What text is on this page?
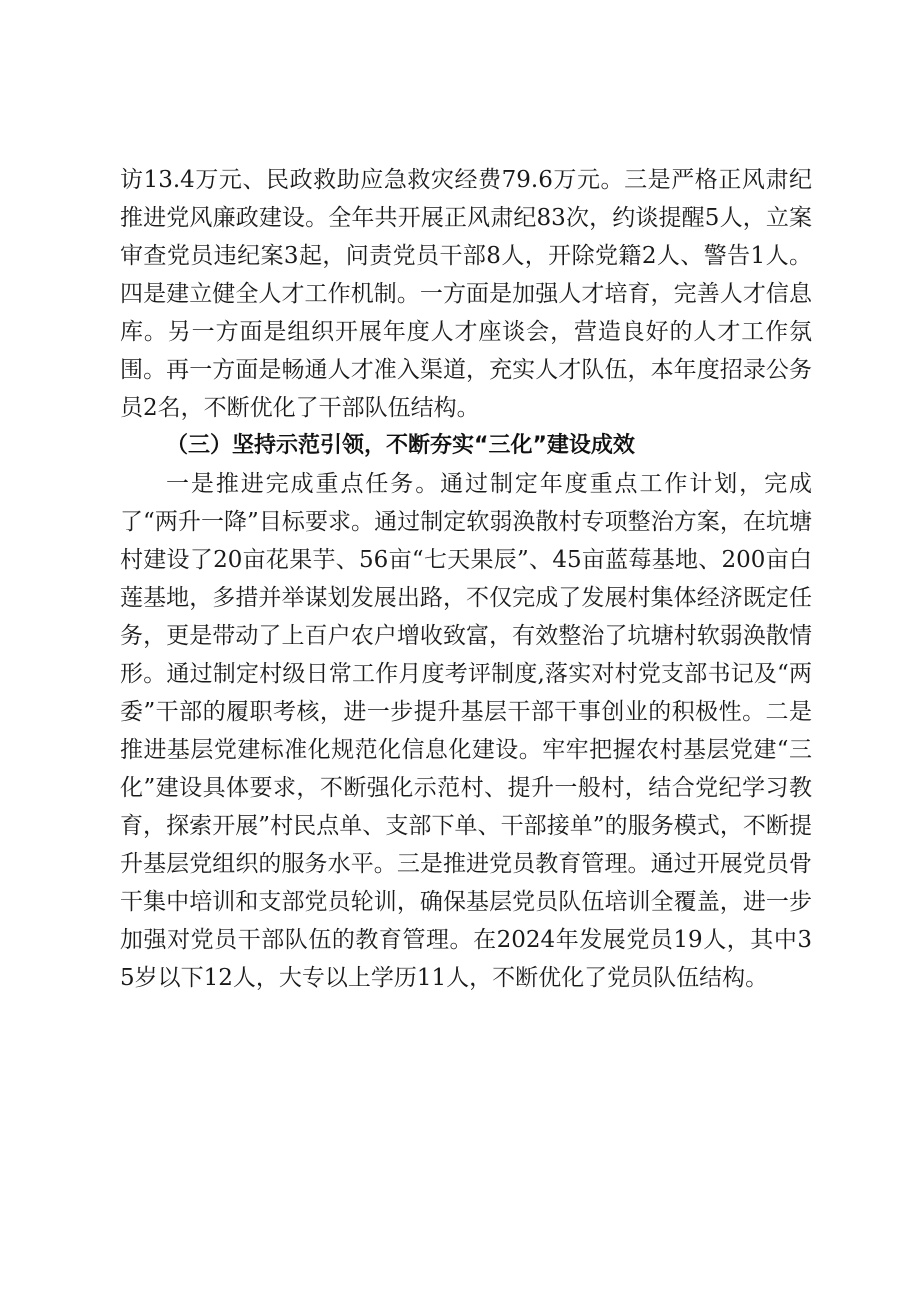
访13.4万元、民政救助应急救灾经费79.6万元。三是严格正风肃纪推进党风廉政建设。全年共开展正风肃纪83次，约谈提醒5人，立案审查党员违纪案3起，问责党员干部8人，开除党籍2人、警告1人。四是建立健全人才工作机制。一方面是加强人才培育，完善人才信息库。另一方面是组织开展年度人才座谈会，营造良好的人才工作氛围。再一方面是畅通人才准入渠道，充实人才队伍，本年度招录公务员2名，不断优化了干部队伍结构。

（三）坚持示范引领，不断夯实“三化”建设成效

一是推进完成重点任务。通过制定年度重点工作计划，完成了“两升一降”目标要求。通过制定软弱涣散村专项整治方案，在坑塘村建设了20亩花果芋、56亩“七天果辰”、45亩蓝莓基地、200亩白莲基地，多措并举谋划发展出路，不仅完成了发展村集体经济既定任务，更是带动了上百户农户增收致富，有效整治了坑塘村软弱涣散情形。通过制定村级日常工作月度考评制度,落实对村党支部书记及“两委”干部的履职考核，进一步提升基层干部干事创业的积极性。二是推进基层党建标准化规范化信息化建设。牢牢把握农村基层党建“三化”建设具体要求，不断强化示范村、提升一般村，结合党纪学习教育，探索开展”村民点单、支部下单、干部接单”的服务模式，不断提升基层党组织的服务水平。三是推进党员教育管理。通过开展党员骨干集中培训和支部党员轮训，确保基层党员队伍培训全覆盖，进一步加强对党员干部队伍的教育管理。在2024年发展党员19人，其中35岁以下12人，大专以上学历11人，不断优化了党员队伍结构。
